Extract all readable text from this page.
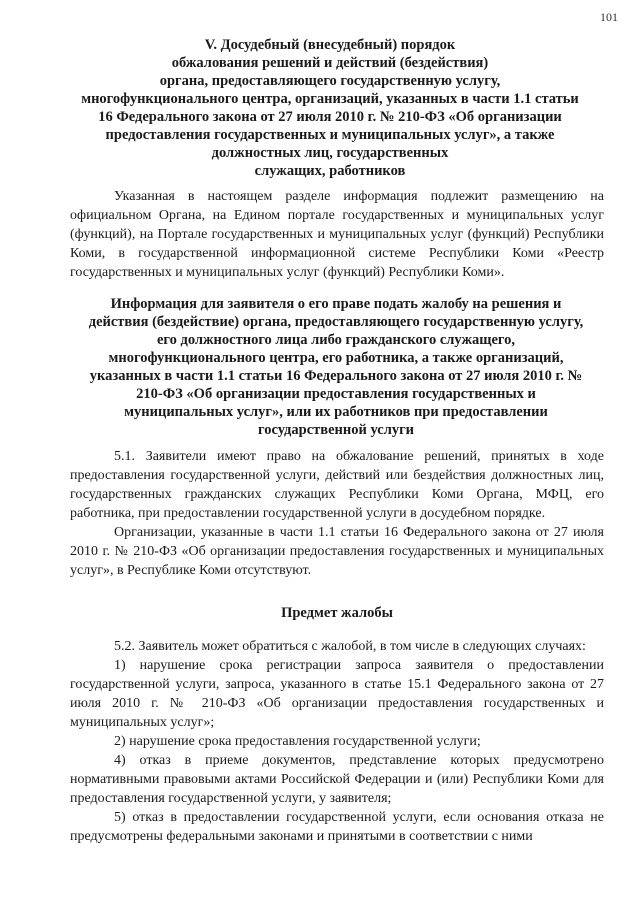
101
V. Досудебный (внесудебный) порядок
обжалования решений и действий (бездействия)
органа, предоставляющего государственную услугу,
многофункционального центра, организаций, указанных в части 1.1 статьи
16 Федерального закона от 27 июля 2010 г. № 210-ФЗ «Об организации
предоставления государственных и муниципальных услуг», а также
должностных лиц, государственных
служащих, работников
Указанная в настоящем разделе информация подлежит размещению на официальном Органа, на Едином портале государственных и муниципальных услуг (функций), на Портале государственных и муниципальных услуг (функций) Республики Коми, в государственной информационной системе Республики Коми «Реестр государственных и муниципальных услуг (функций) Республики Коми».
Информация для заявителя о его праве подать жалобу на решения и
действия (бездействие) органа, предоставляющего государственную услугу,
его должностного лица либо гражданского служащего,
многофункционального центра, его работника, а также организаций,
указанных в части 1.1 статьи 16 Федерального закона от 27 июля 2010 г. №
210-ФЗ «Об организации предоставления государственных и
муниципальных услуг», или их работников при предоставлении
государственной услуги

5.1. Заявители имеют право на обжалование решений, принятых в ходе предоставления государственной услуги, действий или бездействия должностных лиц, государственных гражданских служащих Республики Коми Органа, МФЦ, его работника, при предоставлении государственной услуги в досудебном порядке.

Организации, указанные в части 1.1 статьи 16 Федерального закона от 27 июля 2010 г. № 210-ФЗ «Об организации предоставления государственных и муниципальных услуг», в Республике Коми отсутствуют.

Предмет жалобы

5.2. Заявитель может обратиться с жалобой, в том числе в следующих случаях:

1) нарушение срока регистрации запроса заявителя о предоставлении государственной услуги, запроса, указанного в статье 15.1 Федерального закона от 27 июля 2010 г. № 210-ФЗ «Об организации предоставления государственных и муниципальных услуг»;

2) нарушение срока предоставления государственной услуги;

4) отказ в приеме документов, представление которых предусмотрено нормативными правовыми актами Российской Федерации и (или) Республики Коми для предоставления государственной услуги, у заявителя;

5) отказ в предоставлении государственной услуги, если основания отказа не предусмотрены федеральными законами и принятыми в соответствии с ними
